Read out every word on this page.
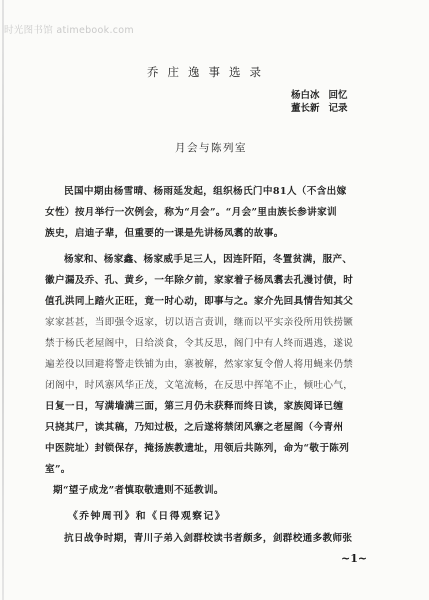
时光图书馆 atimebook.com
乔庄逸事选录
杨白冰 回忆
董长新 记录
月会与陈列室
民国中期由杨雪晴、杨雨延发起，组织杨氏门中81人（不含出嫁
女性）按月举行一次例会，称为“月会”。“月会”里由族长参讲家训
族史，启迪子辈，但重要的一课是先讲杨凤翥的故事。
杨家和、杨家鑫、杨家威手足三人，因连阡陌，冬置贫满，服产、
徽户漏及乔、孔、黄乡，一年除夕前，家家着子杨凤翥去孔漫讨债，时
值孔洪同上踏火正旺，竟一时心动，即事与之。家介先回具情告知其父
家家甚甚，当即强令返家，切以语言责训，继而以平实亲役所用铁捞镢
禁于杨氏老屋阁中，日给淡食，令其反思，阁门中有人终而遇逃，遂说
遍差役以回避将警走铁铺为由，寨被解，然家家复令僧人将用蝇来仍禁
闭阁中，时风寨风华正茂，文笔流畅，在反思中挥笔不止，倾吐心气，
日复一日，写满墙满三面，第三月仍未获释而终日读，家族阅译已缠
只挠其尸，读其稿，乃知过极，之后遂将禁闭风寨之老屋阁（今青州
中医院址）封锁保存，掩扬族教遗址，用领后共陈列，命为“敬于陈列
室”。
期“望子成龙”者慎取敬遗则不延教训。
《乔钟周刊》和《日得观察记》
抗日战争时期，青川子弟入剑群校读书者颇多，剑群校通多教师张
~1~
